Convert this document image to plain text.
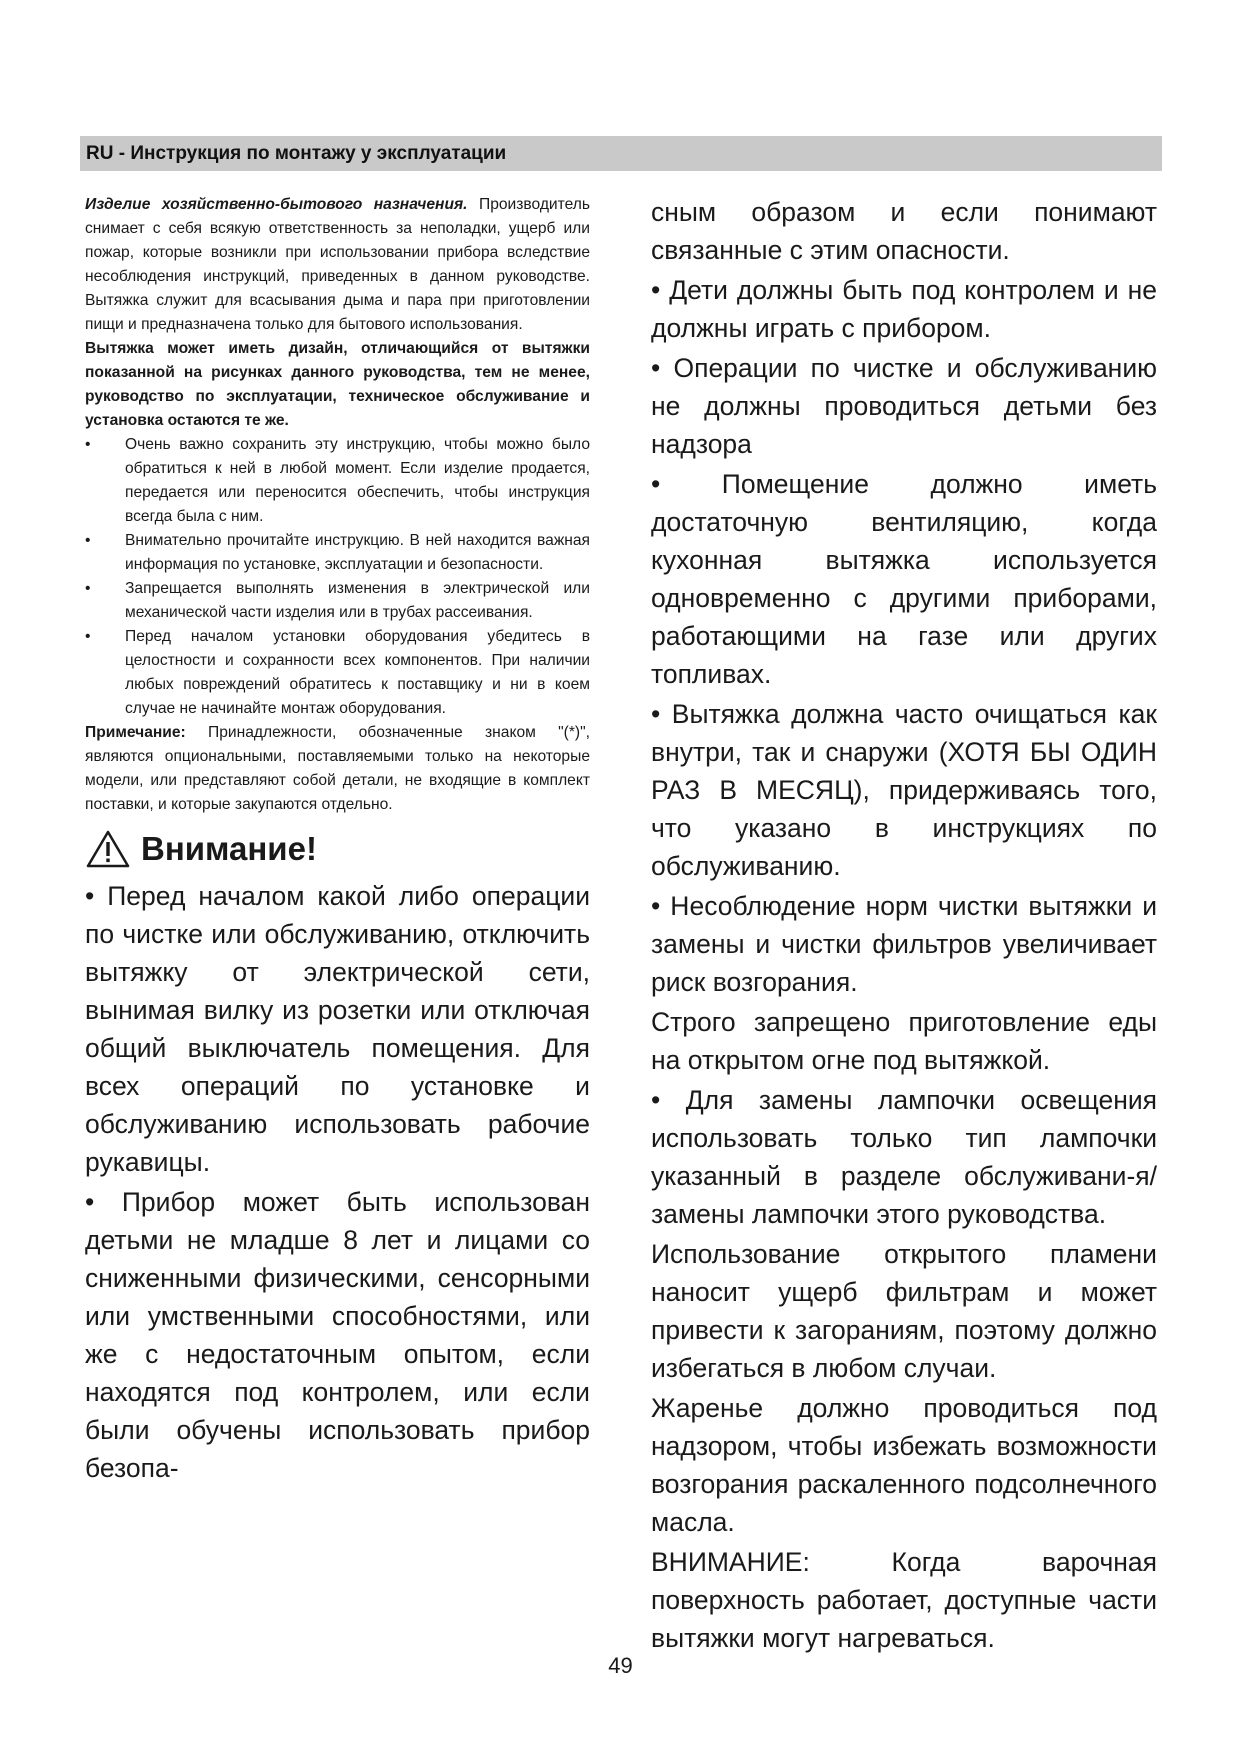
RU - Инструкция по монтажу у эксплуатации

Изделие хозяйственно-бытового назначения. Производитель снимает с себя всякую ответственность за неполадки, ущерб или пожар, которые возникли при использовании прибора вследствие несоблюдения инструкций, приведенных в данном руководстве. Вытяжка служит для всасывания дыма и пара при приготовлении пищи и предназначена только для бытового использования.

Вытяжка может иметь дизайн, отличающийся от вытяжки показанной на рисунках данного руководства, тем не менее, руководство по эксплуатации, техническое обслуживание и установка остаются те же.

• Очень важно сохранить эту инструкцию, чтобы можно было обратиться к ней в любой момент. Если изделие продается, передается или переносится обеспечить, чтобы инструкция всегда была с ним.
• Внимательно прочитайте инструкцию. В ней находится важная информация по установке, эксплуатации и безопасности.
• Запрещается выполнять изменения в электрической или механической части изделия или в трубах рассеивания.
• Перед началом установки оборудования убедитесь в целостности и сохранности всех компонентов. При наличии любых повреждений обратитесь к поставщику и ни в коем случае не начинайте монтаж оборудования.

Примечание: Принадлежности, обозначенные знаком "(*)", являются опциональными, поставляемыми только на некоторые модели, или представляют собой детали, не входящие в комплект поставки, и которые закупаются отдельно.

Внимание!

• Перед началом какой либо операции по чистке или обслуживанию, отключить вытяжку от электрической сети, вынимая вилку из розетки или отключая общий выключатель помещения. Для всех операций по установке и обслуживанию использовать рабочие рукавицы.

• Прибор может быть использован детьми не младше 8 лет и лицами со сниженными физическими, сенсорными или умственными способностями, или же с недостаточным опытом, если находятся под контролем, или если были обучены использовать прибор безопа-

сным образом и если понимают связанные с этим опасности.

• Дети должны быть под контролем и не должны играть с прибором.

• Операции по чистке и обслуживанию не должны проводиться детьми без надзора

• Помещение должно иметь достаточную вентиляцию, когда кухонная вытяжка используется одновременно с другими приборами, работающими на газе или других топливах.

• Вытяжка должна часто очищаться как внутри, так и снаружи (ХОТЯ БЫ ОДИН РАЗ В МЕСЯЦ), придерживаясь того, что указано в инструкциях по обслуживанию.

• Несоблюдение норм чистки вытяжки и замены и чистки фильтров увеличивает риск возгорания.

Строго запрещено приготовление еды на открытом огне под вытяжкой.

• Для замены лампочки освещения использовать только тип лампочки указанный в разделе обслуживани-я/замены лампочки этого руководства.

Использование открытого пламени наносит ущерб фильтрам и может привести к загораниям, поэтому должно избегаться в любом случаи.

Жаренье должно проводиться под надзором, чтобы избежать возможности возгорания раскаленного подсолнечного масла.

ВНИМАНИЕ: Когда варочная поверхность работает, доступные части вытяжки могут нагреваться.

49
